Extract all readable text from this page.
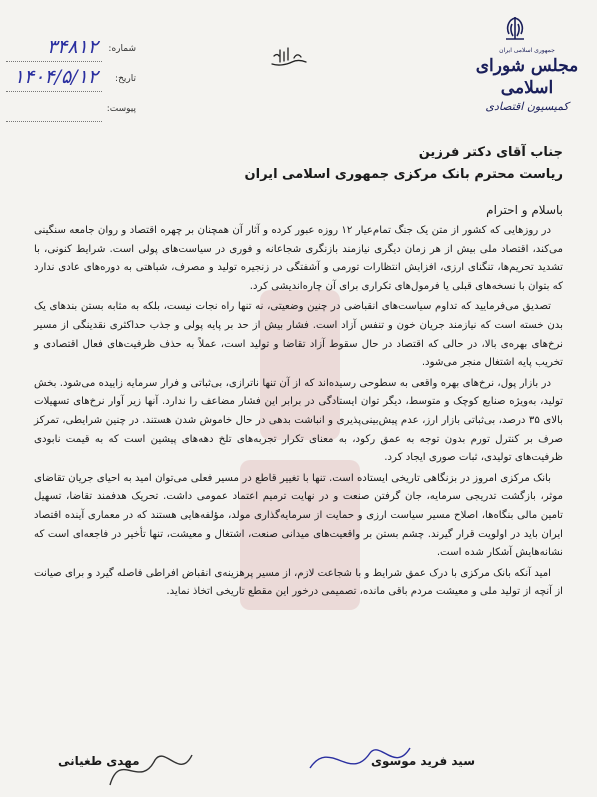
جمهوری اسلامی ایران
مجلس شورای اسلامی
کمیسیون اقتصادی
شماره:
۳۴۸۱۲
تاریخ:
۱۴۰۴/۵/۱۲
پیوست:

جناب آقای دکتر فرزین

ریاست محترم بانک مرکزی جمهوری اسلامی ایران

باسلام و احترام

در روزهایی که کشور از متن یک جنگ تمام‌عیار ۱۲ روزه عبور کرده و آثار آن همچنان بر چهره اقتصاد و روان جامعه سنگینی می‌کند، اقتصاد ملی بیش از هر زمان دیگری نیازمند بازنگری شجاعانه و فوری در سیاست‌های پولی است. شرایط کنونی، با تشدید تحریم‌ها، تنگنای ارزی، افزایش انتظارات تورمی و آشفتگی در زنجیره تولید و مصرف، شباهتی به دوره‌های عادی ندارد که بتوان با نسخه‌های قبلی یا فرمول‌های تکراری برای آن چاره‌اندیشی کرد.

تصدیق می‌فرمایید که تداوم سیاست‌های انقباضی در چنین وضعیتی، نه تنها راه نجات نیست، بلکه به مثابه بستن بندهای یک بدن خسته است که نیازمند جریان خون و تنفس آزاد است. فشار بیش از حد بر پایه پولی و جذب حداکثری نقدینگی از مسیر نرخ‌های بهره‌ی بالا، در حالی که اقتصاد در حال سقوط آزاد تقاضا و تولید است، عملاً به حذف ظرفیت‌های فعال اقتصادی و تخریب پایه اشتغال منجر می‌شود.

در بازار پول، نرخ‌های بهره واقعی به سطوحی رسیده‌اند که از آن تنها ناترازی، بی‌ثباتی و فرار سرمایه زاییده می‌شود. بخش تولید، به‌ویژه صنایع کوچک و متوسط، دیگر توان ایستادگی در برابر این فشار مضاعف را ندارد. آنها زیر آوار نرخ‌های تسهیلات بالای ۳۵ درصد، بی‌ثباتی بازار ارز، عدم پیش‌بینی‌پذیری و انباشت بدهی در حال خاموش شدن هستند. در چنین شرایطی، تمرکز صرف بر کنترل تورم بدون توجه به عمق رکود، به معنای تکرار تجربه‌های تلخ دهه‌های پیشین است که به قیمت نابودی ظرفیت‌های تولیدی، ثبات صوری ایجاد کرد.

بانک مرکزی امروز در بزنگاهی تاریخی ایستاده است. تنها با تغییر قاطع در مسیر فعلی می‌توان امید به احیای جریان تقاضای موثر، بازگشت تدریجی سرمایه، جان گرفتن صنعت و در نهایت ترمیم اعتماد عمومی داشت. تحریک هدفمند تقاضا، تسهیل تامین مالی بنگاه‌ها، اصلاح مسیر سیاست ارزی و حمایت از سرمایه‌گذاری مولد، مؤلفه‌هایی هستند که در معماری آینده اقتصاد ایران باید در اولویت قرار گیرند. چشم بستن بر واقعیت‌های میدانی صنعت، اشتغال و معیشت، تنها تأخیر در فاجعه‌ای است که نشانه‌هایش آشکار شده است.

امید آنکه بانک مرکزی با درک عمق شرایط و با شجاعت لازم، از مسیر پرهزینه‌ی انقباض افراطی فاصله گیرد و برای صیانت از آنچه از تولید ملی و معیشت مردم باقی مانده، تصمیمی درخور این مقطع تاریخی اتخاذ نماید.

سید فرید موسوی
مهدی طغیانی
